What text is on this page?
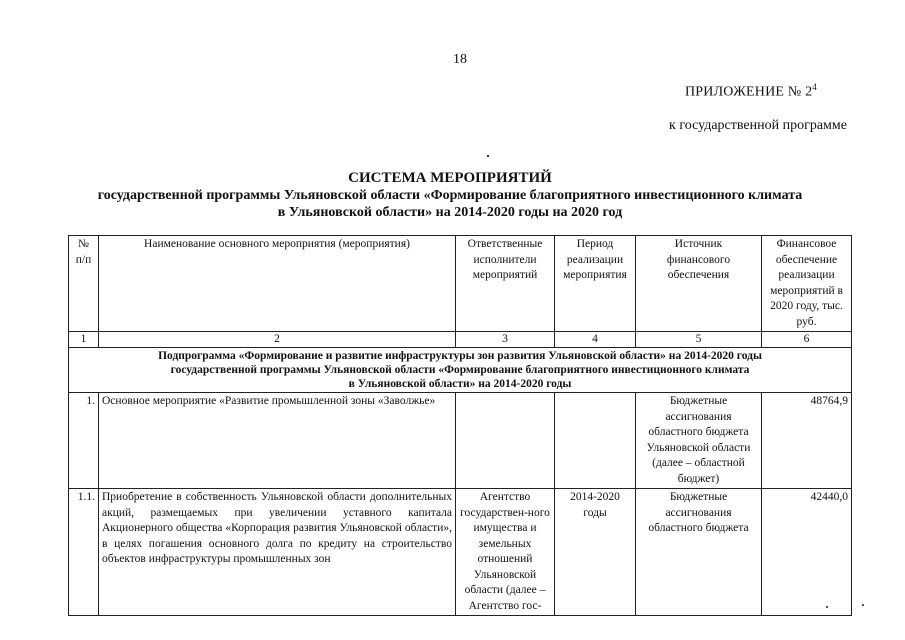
18
ПРИЛОЖЕНИЕ № $2^4$
к государственной программе
СИСТЕМА МЕРОПРИЯТИЙ
государственной программы Ульяновской области «Формирование благоприятного инвестиционного климата
в Ульяновской области» на 2014-2020 годы на 2020 год
№ п/п	Наименование основного мероприятия (мероприятия)	Ответственные исполнители мероприятий	Период реализации мероприятия	Источник финансового обеспечения	Финансовое обеспечение реализации мероприятий в 2020 году, тыс. руб.
1	2	3	4	5	6

Подпрограмма «Формирование и развитие инфраструктуры зон развития Ульяновской области» на 2014-2020 годы
государственной программы Ульяновской области «Формирование благоприятного инвестиционного климата
в Ульяновской области» на 2014-2020 годы					

1.	Основное мероприятие «Развитие промышленной зоны «Заволжье»			Бюджетные ассигнования областного бюджета Ульяновской области (далее – областной бюджет)	48764,9
1.1.	Приобретение в собственность Ульяновской области дополнительных акций, размещаемых при увеличении уставного капитала Акционерного общества «Корпорация развития Ульяновской области», в целях погашения основного долга по кредиту на строительство объектов инфраструктуры промышленных зон	Агентство государствен-ного имущества и земельных отношений Ульяновской области (далее – Агентство гос-	2014-2020 годы	Бюджетные ассигнования областного бюджета	42440,0
